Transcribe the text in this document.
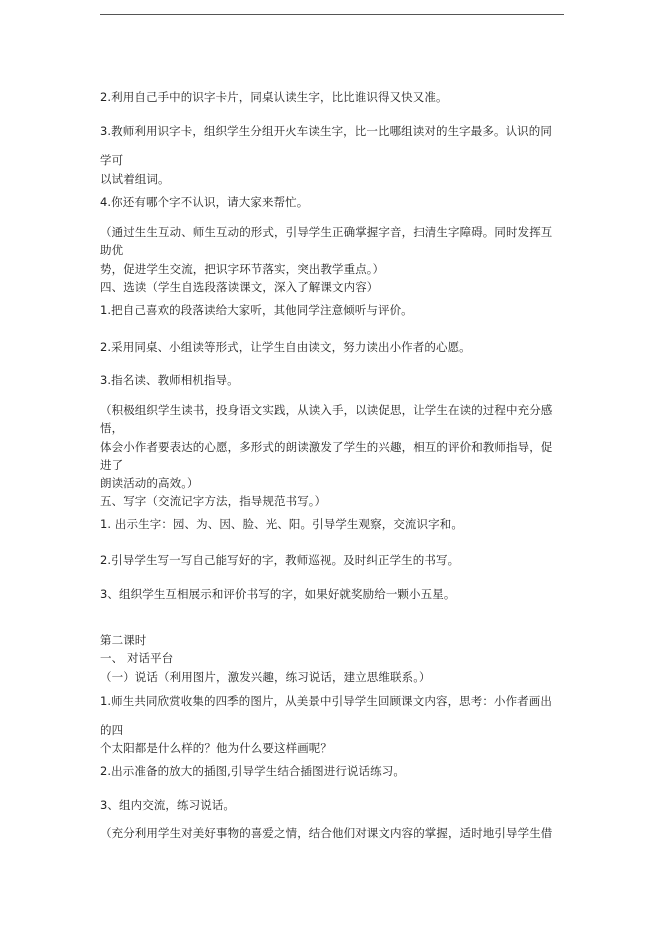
2.利用自己手中的识字卡片，同桌认读生字，比比谁识得又快又准。
3.教师利用识字卡，组织学生分组开火车读生字，比一比哪组读对的生字最多。认识的同
学可
以试着组词。
4.你还有哪个字不认识，请大家来帮忙。
（通过生生互动、师生互动的形式，引导学生正确掌握字音，扫清生字障碍。同时发挥互
助优
势，促进学生交流，把识字环节落实，突出教学重点。）
四、选读（学生自选段落读课文，深入了解课文内容）
1.把自己喜欢的段落读给大家听，其他同学注意倾听与评价。
2.采用同桌、小组读等形式，让学生自由读文，努力读出小作者的心愿。
3.指名读、教师相机指导。
（积极组织学生读书，投身语文实践，从读入手，以读促思，让学生在读的过程中充分感
悟，
体会小作者要表达的心愿，多形式的朗读激发了学生的兴趣，相互的评价和教师指导，促
进了
朗读活动的高效。）
五、写字（交流记字方法，指导规范书写。）
1. 出示生字：园、为、因、脸、光、阳。引导学生观察，交流识字和。
2.引导学生写一写自己能写好的字，教师巡视。及时纠正学生的书写。
3、组织学生互相展示和评价书写的字，如果好就奖励给一颗小五星。
第二课时
一、 对话平台
（一）说话（利用图片，激发兴趣，练习说话，建立思维联系。）
1.师生共同欣赏收集的四季的图片，从美景中引导学生回顾课文内容，思考：小作者画出
的四
个太阳都是什么样的？他为什么要这样画呢？
2.出示准备的放大的插图,引导学生结合插图进行说话练习。
3、组内交流，练习说话。
（充分利用学生对美好事物的喜爱之情，结合他们对课文内容的掌握，适时地引导学生借
